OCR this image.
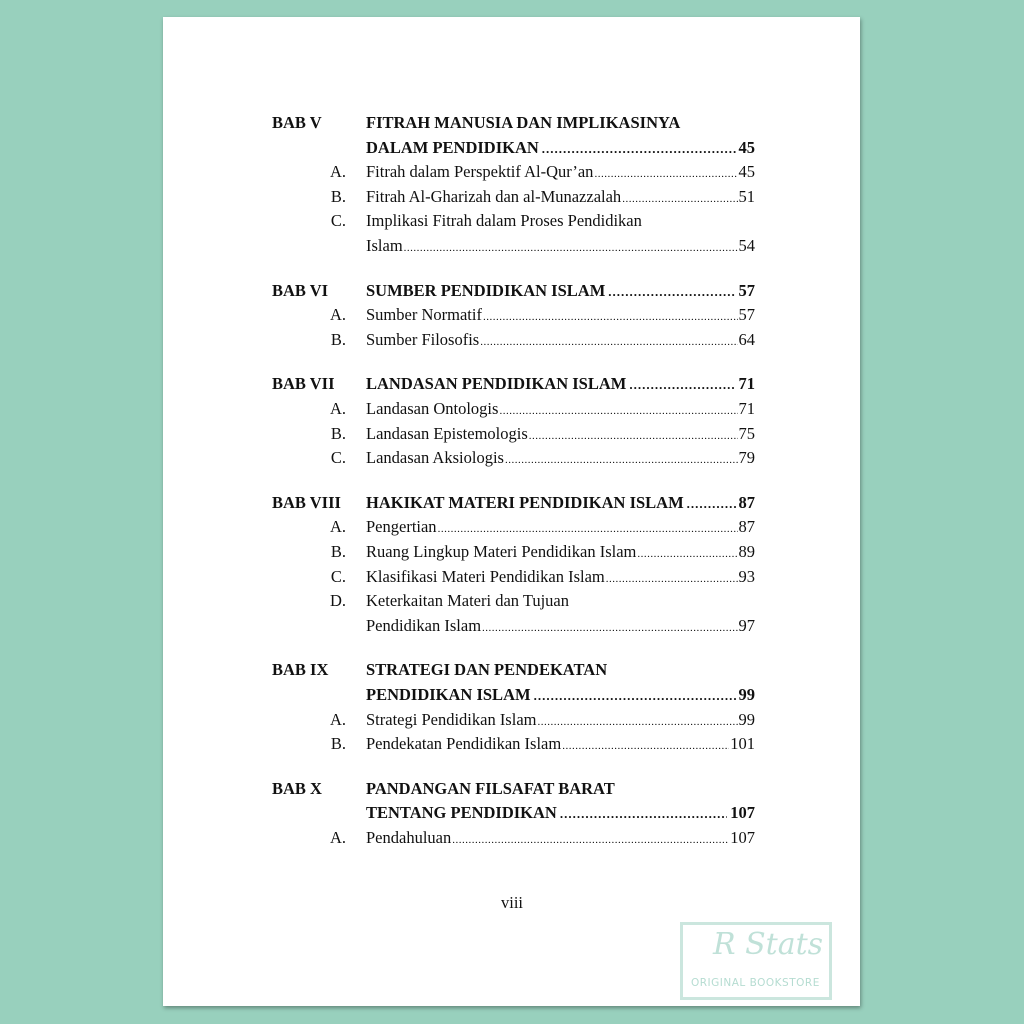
BAB V	FITRAH MANUSIA DAN IMPLIKASINYA
DALAM PENDIDIKAN .....	45
A. Fitrah dalam Perspektif Al-Qur’an .....	45
B. Fitrah Al-Gharizah dan al-Munazzalah .....	51
C. Implikasi Fitrah dalam Proses Pendidikan
Islam .....	54
BAB VI SUMBER PENDIDIKAN ISLAM .....	57
A. Sumber Normatif .....	57
B. Sumber Filosofis .....	64
BAB VII LANDASAN PENDIDIKAN ISLAM .....	71
A. Landasan Ontologis .....	71
B. Landasan Epistemologis .....	75
C. Landasan Aksiologis .....	79
BAB VIII HAKIKAT MATERI PENDIDIKAN ISLAM .....	87
A. Pengertian .....	87
B. Ruang Lingkup Materi Pendidikan Islam .....	89
C. Klasifikasi Materi Pendidikan Islam .....	93
D. Keterkaitan Materi dan Tujuan
Pendidikan Islam .....	97
BAB IX STRATEGI DAN PENDEKATAN
PENDIDIKAN ISLAM .....	99
A. Strategi Pendidikan Islam .....	99
B. Pendekatan Pendidikan Islam .....	101
BAB X	PANDANGAN FILSAFAT BARAT
TENTANG PENDIDIKAN .....	107
A. Pendahuluan .....	107
viii
R Stats
ORIGINAL BOOKSTORE
